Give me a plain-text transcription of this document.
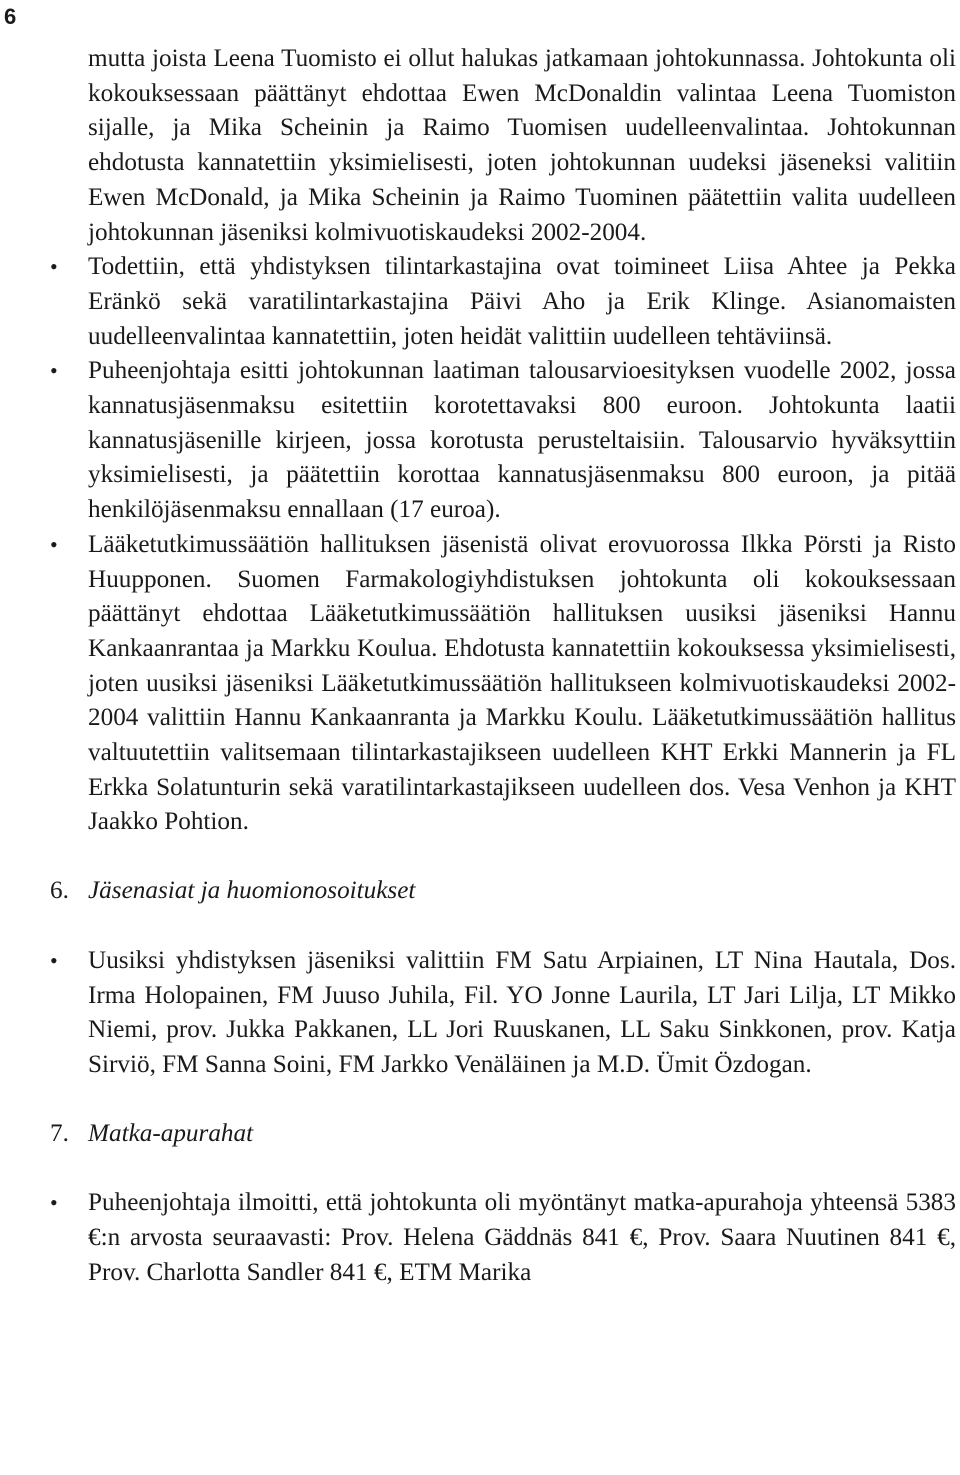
6

mutta joista Leena Tuomisto ei ollut halukas jatkamaan johtokunnassa. Johtokunta oli kokouksessaan päättänyt ehdottaa Ewen McDonaldin valintaa Leena Tuomiston sijalle, ja Mika Scheinin ja Raimo Tuomisen uudelleenvalintaa. Johtokunnan ehdotusta kannatettiin yksimielisesti, joten johtokunnan uudeksi jäseneksi valitiin Ewen McDonald, ja Mika Scheinin ja Raimo Tuominen päätettiin valita uudelleen johtokunnan jäseniksi kolmivuotiskaudeksi 2002-2004.

• Todettiin, että yhdistyksen tilintarkastajina ovat toimineet Liisa Ahtee ja Pekka Eränkö sekä varatilintarkastajina Päivi Aho ja Erik Klinge. Asianomaisten uudelleenvalintaa kannatettiin, joten heidät valittiin uudelleen tehtäviinsä.
• Puheenjohtaja esitti johtokunnan laatiman talousarvioesityksen vuodelle 2002, jossa kannatusjäsenmaksu esitettiin korotettavaksi 800 euroon. Johtokunta laatii kannatusjäsenille kirjeen, jossa korotusta perusteltaisiin. Talousarvio hyväksyttiin yksimielisesti, ja päätettiin korottaa kannatusjäsenmaksu 800 euroon, ja pitää henkilöjäsenmaksu ennallaan (17 euroa).
• Lääketutkimussäätiön hallituksen jäsenistä olivat erovuorossa Ilkka Pörsti ja Risto Huupponen. Suomen Farmakologiyhdistuksen johtokunta oli kokouksessaan päättänyt ehdottaa Lääketutkimussäätiön hallituksen uusiksi jäseniksi Hannu Kankaanrantaa ja Markku Koulua. Ehdotusta kannatettiin kokouksessa yksimielisesti, joten uusiksi jäseniksi Lääketutkimussäätiön hallitukseen kolmivuotiskaudeksi 2002-2004 valittiin Hannu Kankaanranta ja Markku Koulu. Lääketutkimussäätiön hallitus valtuutettiin valitsemaan tilintarkastajikseen uudelleen KHT Erkki Mannerin ja FL Erkka Solatunturin sekä varatilintarkastajikseen uudelleen dos. Vesa Venhon ja KHT Jaakko Pohtion.
6. Jäsenasiat ja huomionosoitukset
• Uusiksi yhdistyksen jäseniksi valittiin FM Satu Arpiainen, LT Nina Hautala, Dos. Irma Holopainen, FM Juuso Juhila, Fil. YO Jonne Laurila, LT Jari Lilja, LT Mikko Niemi, prov. Jukka Pakkanen, LL Jori Ruuskanen, LL Saku Sinkkonen, prov. Katja Sirviö, FM Sanna Soini, FM Jarkko Venäläinen ja M.D. Ümit Özdogan.
7. Matka-apurahat
• Puheenjohtaja ilmoitti, että johtokunta oli myöntänyt matka-apurahoja yhteensä 5383 €:n arvosta seuraavasti: Prov. Helena Gäddnäs 841 €, Prov. Saara Nuutinen 841 €, Prov. Charlotta Sandler 841 €, ETM Marika
